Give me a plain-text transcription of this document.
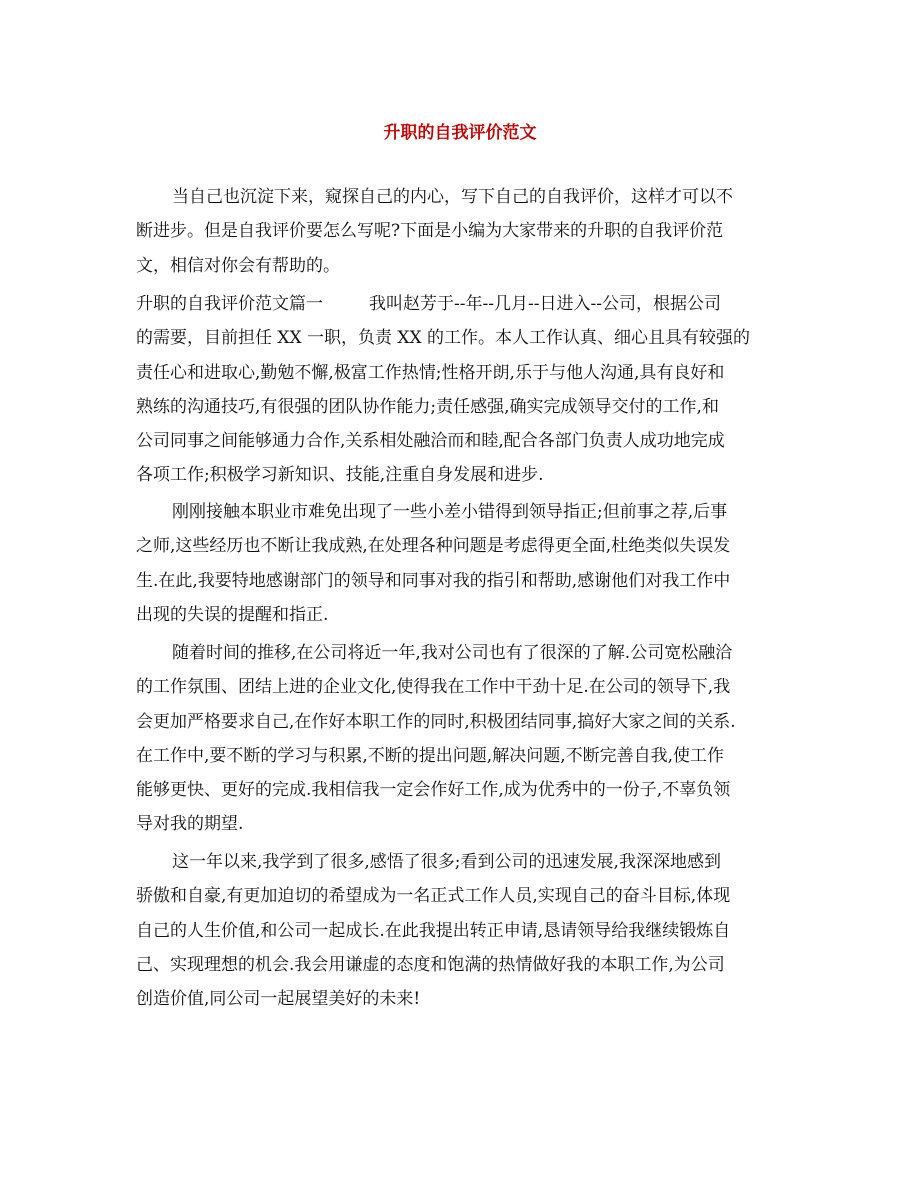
升职的自我评价范文
当自己也沉淀下来，窥探自己的内心，写下自己的自我评价，这样才可以不
断进步。但是自我评价要怎么写呢?下面是小编为大家带来的升职的自我评价范
文，相信对你会有帮助的。
升职的自我评价范文篇一	我叫赵芳于--年--几月--日进入--公司，根据公司
的需要，目前担任 XX 一职，负责 XX 的工作。本人工作认真、细心且具有较强的
责任心和进取心,勤勉不懈,极富工作热情;性格开朗,乐于与他人沟通,具有良好和
熟练的沟通技巧,有很强的团队协作能力;责任感强,确实完成领导交付的工作,和
公司同事之间能够通力合作,关系相处融洽而和睦,配合各部门负责人成功地完成
各项工作;积极学习新知识、技能,注重自身发展和进步.
刚刚接触本职业市难免出现了一些小差小错得到领导指正;但前事之荐,后事
之师,这些经历也不断让我成熟,在处理各种问题是考虑得更全面,杜绝类似失误发
生.在此,我要特地感谢部门的领导和同事对我的指引和帮助,感谢他们对我工作中
出现的失误的提醒和指正.
随着时间的推移,在公司将近一年,我对公司也有了很深的了解.公司宽松融洽
的工作氛围、团结上进的企业文化,使得我在工作中干劲十足.在公司的领导下,我
会更加严格要求自己,在作好本职工作的同时,积极团结同事,搞好大家之间的关系.
在工作中,要不断的学习与积累,不断的提出问题,解决问题,不断完善自我,使工作
能够更快、更好的完成.我相信我一定会作好工作,成为优秀中的一份子,不辜负领
导对我的期望.
这一年以来,我学到了很多,感悟了很多;看到公司的迅速发展,我深深地感到
骄傲和自豪,有更加迫切的希望成为一名正式工作人员,实现自己的奋斗目标,体现
自己的人生价值,和公司一起成长.在此我提出转正申请,恳请领导给我继续锻炼自
己、实现理想的机会.我会用谦虚的态度和饱满的热情做好我的本职工作,为公司
创造价值,同公司一起展望美好的未来!
